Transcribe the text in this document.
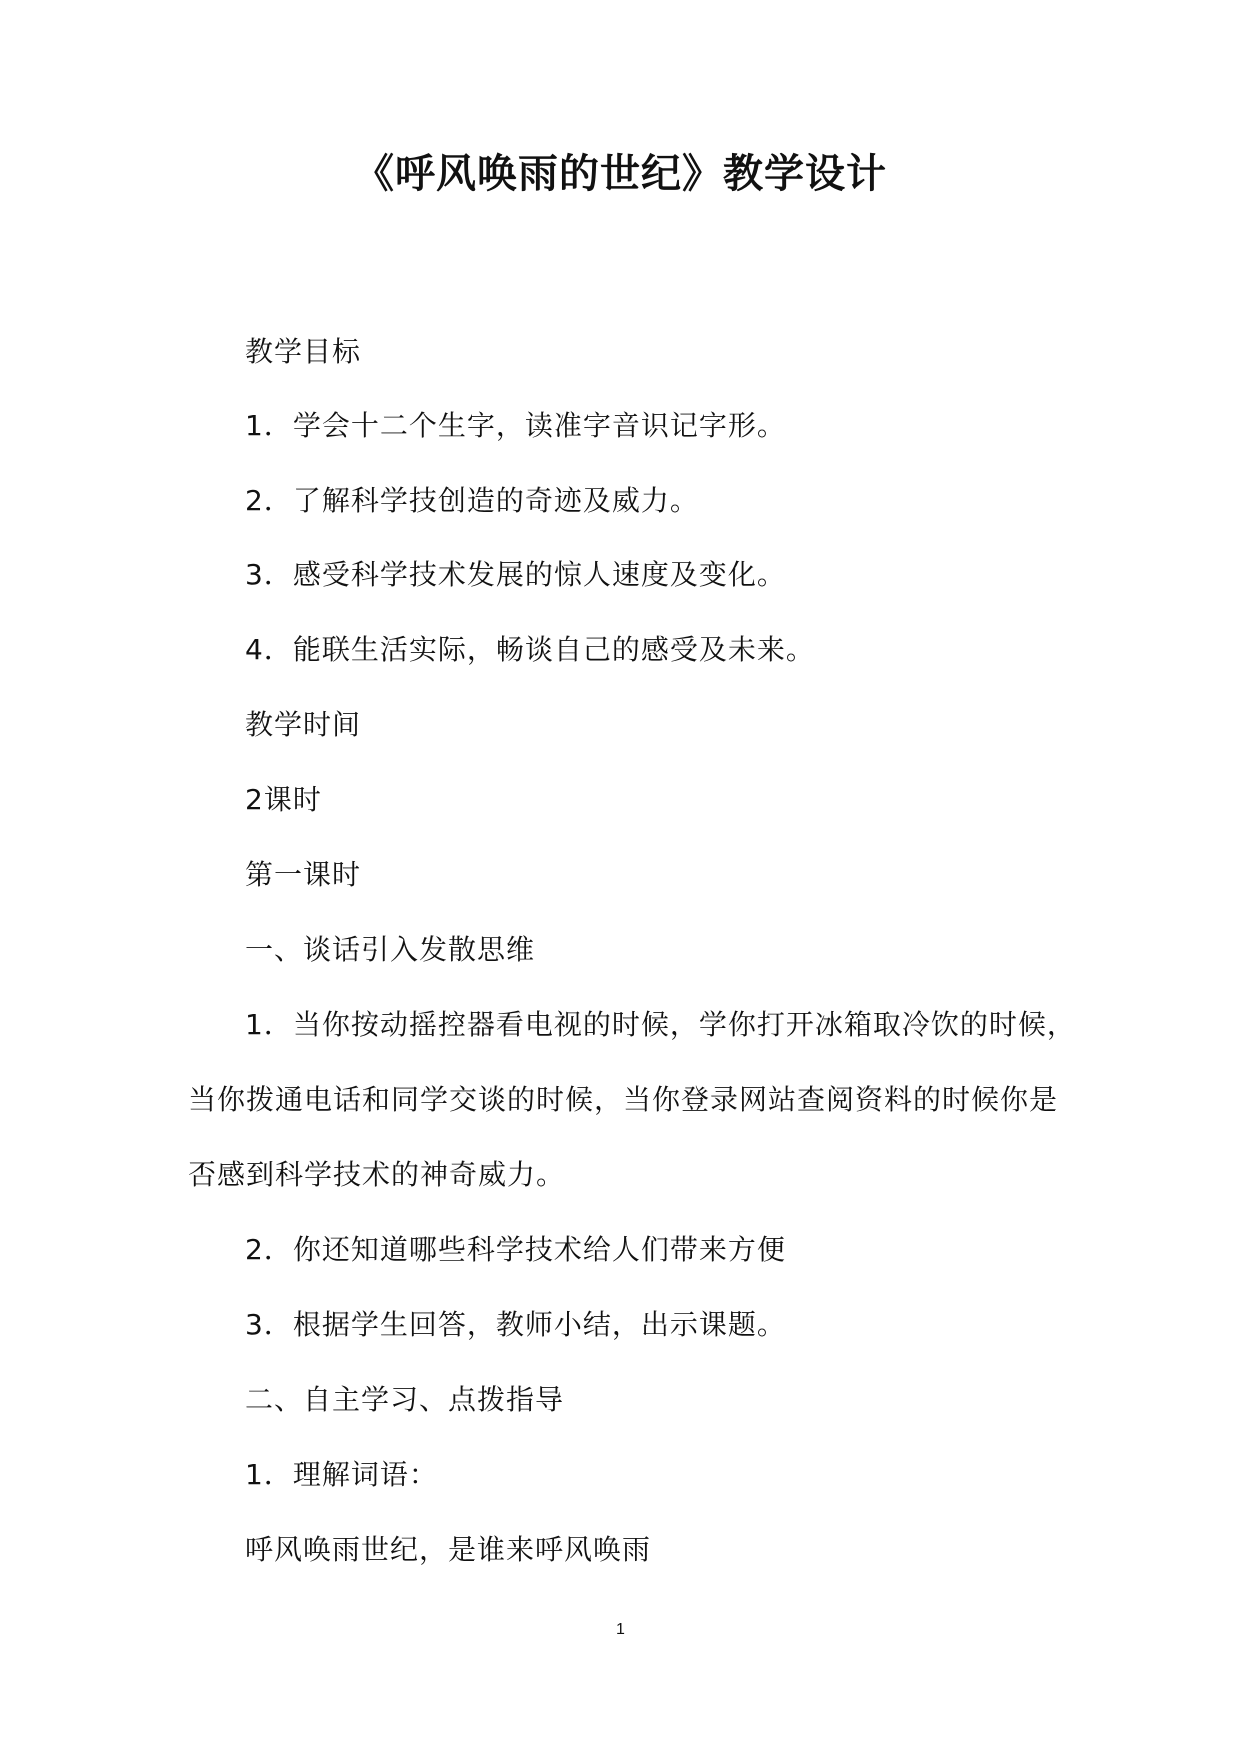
《呼风唤雨的世纪》教学设计
教学目标
1．学会十二个生字，读准字音识记字形。
2．了解科学技创造的奇迹及威力。
3．感受科学技术发展的惊人速度及变化。
4．能联生活实际，畅谈自己的感受及未来。
教学时间
2课时
第一课时
一、谈话引入发散思维
1．当你按动摇控器看电视的时候，学你打开冰箱取冷饮的时候，
当你拨通电话和同学交谈的时候，当你登录网站查阅资料的时候你是
否感到科学技术的神奇威力。
2．你还知道哪些科学技术给人们带来方便
3．根据学生回答，教师小结，出示课题。
二、自主学习、点拨指导
1．理解词语：
呼风唤雨世纪，是谁来呼风唤雨
1
